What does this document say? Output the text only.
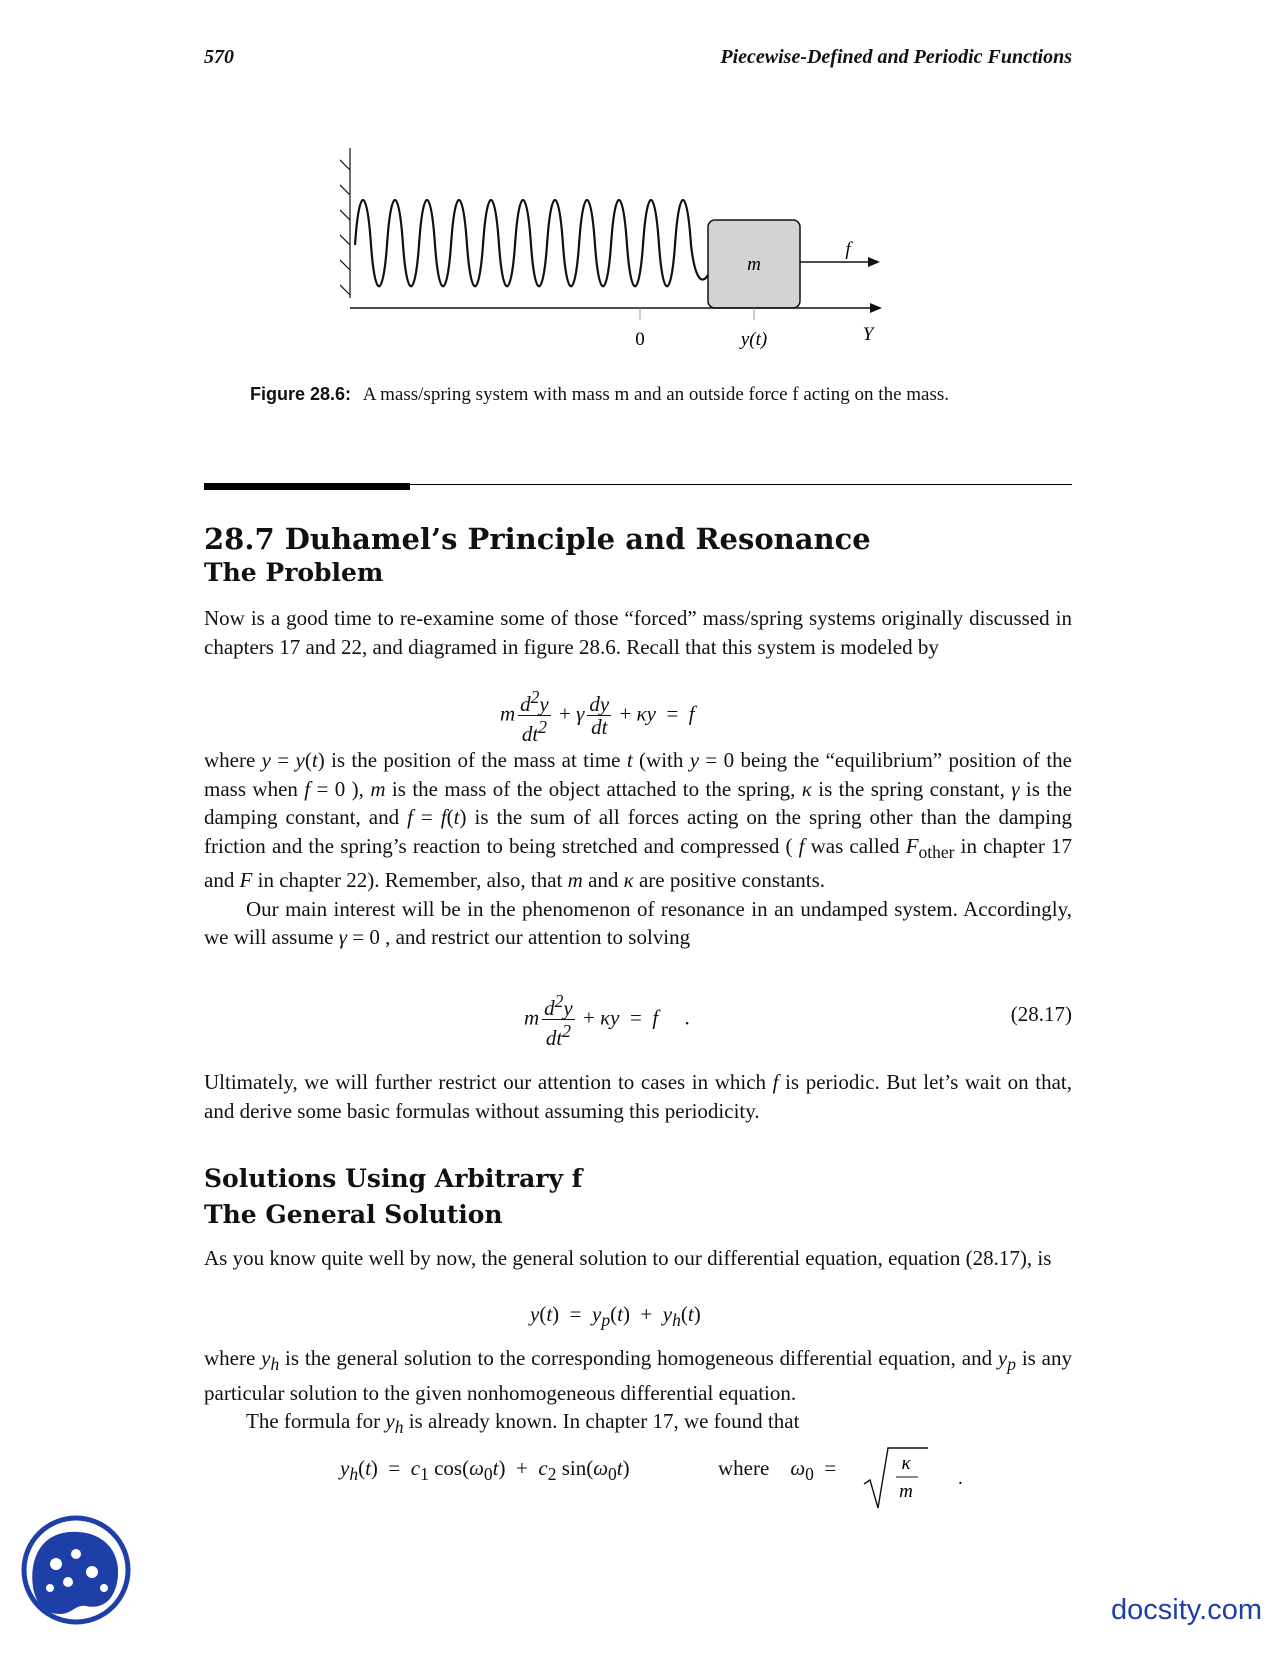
570	Piecewise-Defined and Periodic Functions
m
f
0	y(t)	Y
Figure 28.6: A mass/spring system with mass m and an outside force f acting on the mass.
28.7 Duhamel’s Principle and Resonance
The Problem

Now is a good time to re-examine some of those “forced” mass/spring systems originally discussed in chapters 17 and 22, and diagramed in figure 28.6. Recall that this system is modeled by

m $\frac{d^2y}{dt^2} + \gamma \frac{dy}{dt} + \kappa y = f$

where y = y(t) is the position of the mass at time t (with y = 0 being the “equilibrium” position of the mass when f = 0 ), m is the mass of the object attached to the spring, κ is the spring constant, γ is the damping constant, and f = f(t) is the sum of all forces acting on the spring other than the damping friction and the spring’s reaction to being stretched and compressed ( f was called $F_{other}$ in chapter 17 and F in chapter 22). Remember, also, that m and κ are positive constants.

Our main interest will be in the phenomenon of resonance in an undamped system. Accordingly, we will assume γ = 0 , and restrict our attention to solving

m $\frac{d^2y}{dt^2} + \kappa y = f$     .	(28.17)

Ultimately, we will further restrict our attention to cases in which f is periodic. But let’s wait on that, and derive some basic formulas without assuming this periodicity.

Solutions Using Arbitrary f
The General Solution

As you know quite well by now, the general solution to our differential equation, equation (28.17), is

$y(t) = y_p(t) + y_h(t)$

where $y_h$ is the general solution to the corresponding homogeneous differential equation, and $y_p$ is any particular solution to the given nonhomogeneous differential equation.

The formula for $y_h$ is already known. In chapter 17, we found that

$y_h(t) = c_1$ $\cos(\omega_0t) + c_2$ $\sin(\omega_0t)$	where    $\omega_0$  =	κ
m
.
docsity.com
